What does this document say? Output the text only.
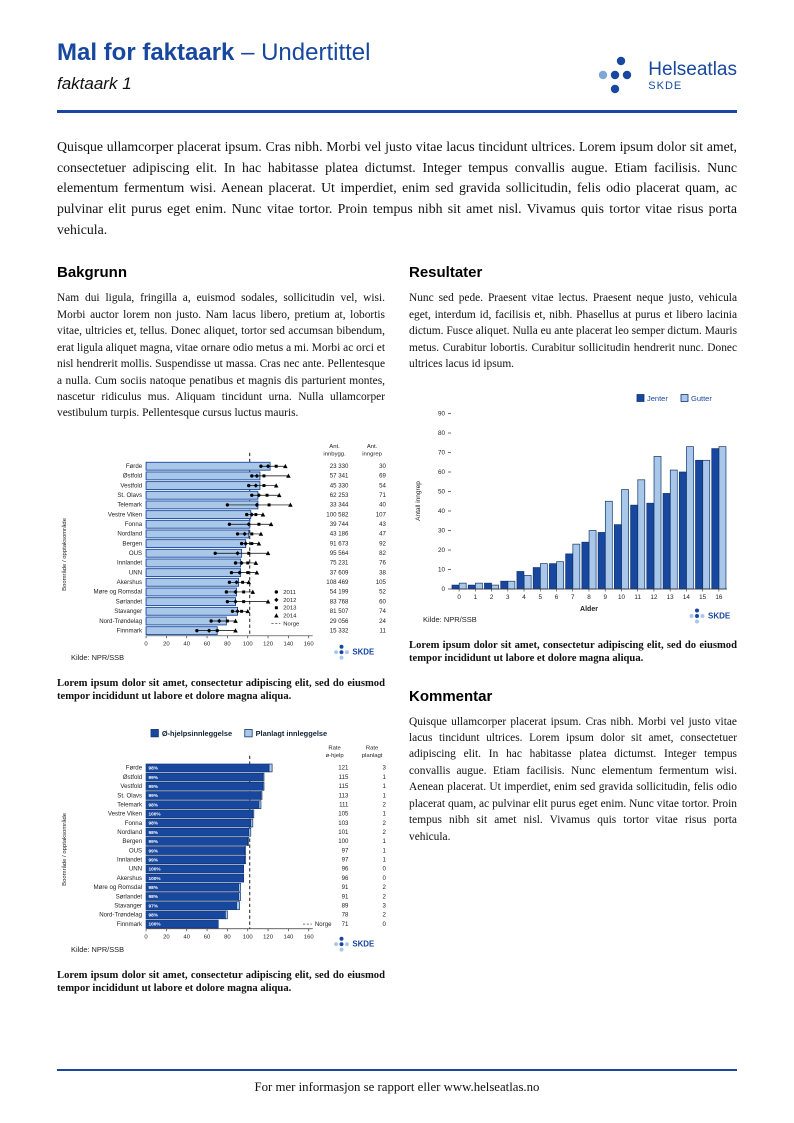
Mal for faktaark – Undertittel
faktaark 1
Helseatlas
SKDE

Quisque ullamcorper placerat ipsum. Cras nibh. Morbi vel justo vitae lacus tincidunt ultrices. Lorem ipsum dolor sit amet, consectetuer adipiscing elit. In hac habitasse platea dictumst. Integer tempus convallis augue. Etiam facilisis. Nunc elementum fermentum wisi. Aenean placerat. Ut imperdiet, enim sed gravida sollicitudin, felis odio placerat quam, ac pulvinar elit purus eget enim. Nunc vitae tortor. Proin tempus nibh sit amet nisl. Vivamus quis tortor vitae risus porta vehicula.

Bakgrunn

Nam dui ligula, fringilla a, euismod sodales, sollicitudin vel, wisi. Morbi auctor lorem non justo. Nam lacus libero, pretium at, lobortis vitae, ultricies et, tellus. Donec aliquet, tortor sed accumsan bibendum, erat ligula aliquet magna, vitae ornare odio metus a mi. Morbi ac orci et nisl hendrerit mollis. Suspendisse ut massa. Cras nec ante. Pellentesque a nulla. Cum sociis natoque penatibus et magnis dis parturient montes, nascetur ridiculus mus. Aliquam tincidunt urna. Nulla ullamcorper vestibulum turpis. Pellentesque cursus luctus mauris.

Boområde / opptaksområde
Førde	23 330	30
Østfold	57 341	69
Vestfold	45 330	54
St. Olavs	62 253	71
Telemark	33 344	40
Vestre Viken	100 582	107
Fonna	39 744	43
Nordland	43 186	47
Bergen	91 673	92
OUS	95 564	82
Innlandet	75 231	76
UNN	37 609	38
Akershus	108 469	105
Møre og Romsdal	54 199	52
Sørlandet	83 768	60
Stavanger	81 507	74
Nord-Trøndelag	29 056	24
Finnmark	15 332	11
0	20 40 60 80 100 120 140 160
Ant.
innbygg.
Ant.
inngrep
2011
2012
2013
2014
Norge
Kilde: NPR/SSB
SKDE

Lorem ipsum dolor sit amet, consectetur adipiscing elit, sed do eiusmod tempor incididunt ut labore et dolore magna aliqua.

Ø-hjelpsinnleggelse	Planlagt innleggelse
Boområde / opptaksområde
Rate
ø-hjelp
Rate
planlagt
Førde 98%	121	3
Østfold 99%	115	1
Vestfold 99%	115	1
St. Olavs 99%	113	1
Telemark 98%	111	2
Vestre Viken 100%	105	1
Fonna 98%	103	2
Nordland 98%	101	2
Bergen 99%	100	1
OUS 99%	97	1
Innlandet 99%	97	1
UNN 100%	96	0
Akershus 100%	96	0
Møre og Romsdal 98%	91	2
Sørlandet 98%	91	2
Stavanger 97%	89	3
Nord-Trøndelag 98%	78	2
Finnmark 100%	71	0
Norge
0	20 40 60 80 100 120 140 160
Kilde: NPR/SSB
SKDE

Lorem ipsum dolor sit amet, consectetur adipiscing elit, sed do eiusmod tempor incididunt ut labore et dolore magna aliqua.

Resultater

Nunc sed pede. Praesent vitae lectus. Praesent neque justo, vehicula eget, interdum id, facilisis et, nibh. Phasellus at purus et libero lacinia dictum. Fusce aliquet. Nulla eu ante placerat leo semper dictum. Mauris metus. Curabitur lobortis. Curabitur sollicitudin hendrerit nunc. Donec ultrices lacus id ipsum.

Jenter	Gutter
0
10
20
30
40
50
60
70
80
90
0 1 2 3 4 5 6 7 8 9 10 11 12 13 14 15 16
Alder
Antall inngrep
Kilde: NPR/SSB	SKDE

Lorem ipsum dolor sit amet, consectetur adipiscing elit, sed do eiusmod tempor incididunt ut labore et dolore magna aliqua.

Kommentar

Quisque ullamcorper placerat ipsum. Cras nibh. Morbi vel justo vitae lacus tincidunt ultrices. Lorem ipsum dolor sit amet, consectetuer adipiscing elit. In hac habitasse platea dictumst. Integer tempus convallis augue. Etiam facilisis. Nunc elementum fermentum wisi. Aenean placerat. Ut imperdiet, enim sed gravida sollicitudin, felis odio placerat quam, ac pulvinar elit purus eget enim. Nunc vitae tortor. Proin tempus nibh sit amet nisl. Vivamus quis tortor vitae risus porta vehicula.

For mer informasjon se rapport eller www.helseatlas.no
